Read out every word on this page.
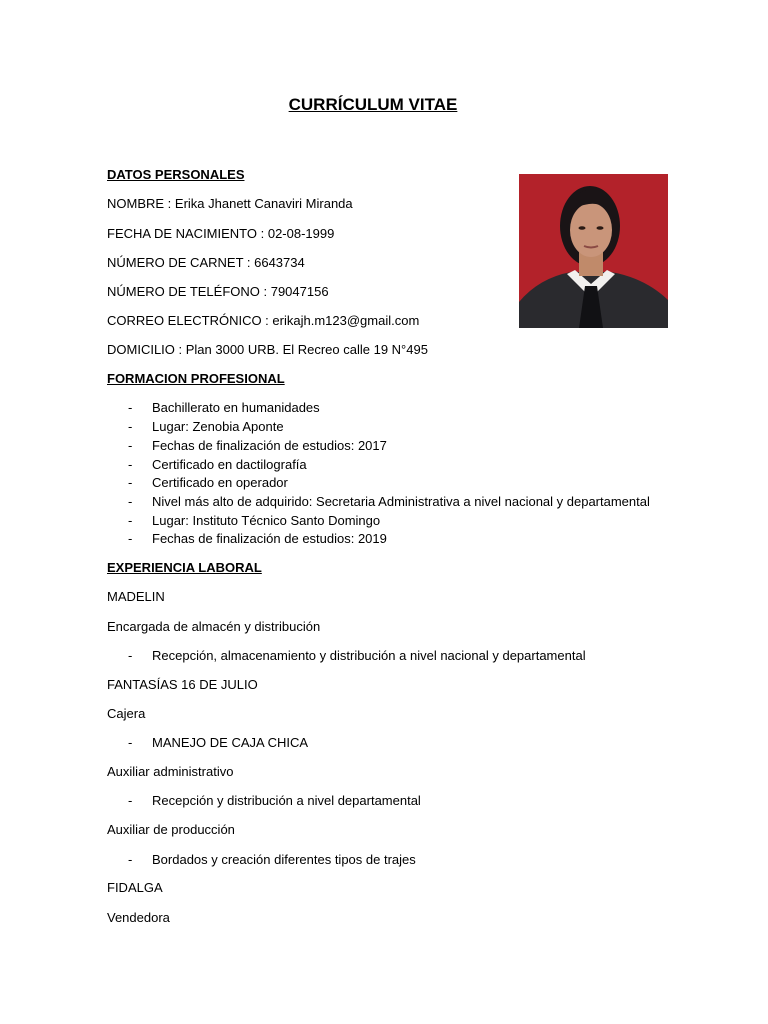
CURRÍCULUM VITAE
DATOS PERSONALES
NOMBRE : Erika Jhanett Canaviri Miranda
FECHA DE NACIMIENTO : 02-08-1999
NÚMERO DE CARNET : 6643734
NÚMERO DE TELÉFONO : 79047156
CORREO ELECTRÓNICO : erikajh.m123@gmail.com
DOMICILIO : Plan 3000 URB. El Recreo calle 19 N°495
FORMACION PROFESIONAL
- Bachillerato en humanidades
- Lugar: Zenobia Aponte
- Fechas de finalización de estudios: 2017
- Certificado en dactilografía
- Certificado en operador
- Nivel más alto de adquirido: Secretaria Administrativa a nivel nacional y departamental
- Lugar: Instituto Técnico Santo Domingo
- Fechas de finalización de estudios: 2019
EXPERIENCIA LABORAL
MADELIN
Encargada de almacén y distribución
- Recepción, almacenamiento y distribución a nivel nacional y departamental
FANTASÍAS 16 DE JULIO
Cajera
- MANEJO DE CAJA CHICA
Auxiliar administrativo
- Recepción y distribución a nivel departamental
Auxiliar de producción
- Bordados y creación diferentes tipos de trajes
FIDALGA
Vendedora
